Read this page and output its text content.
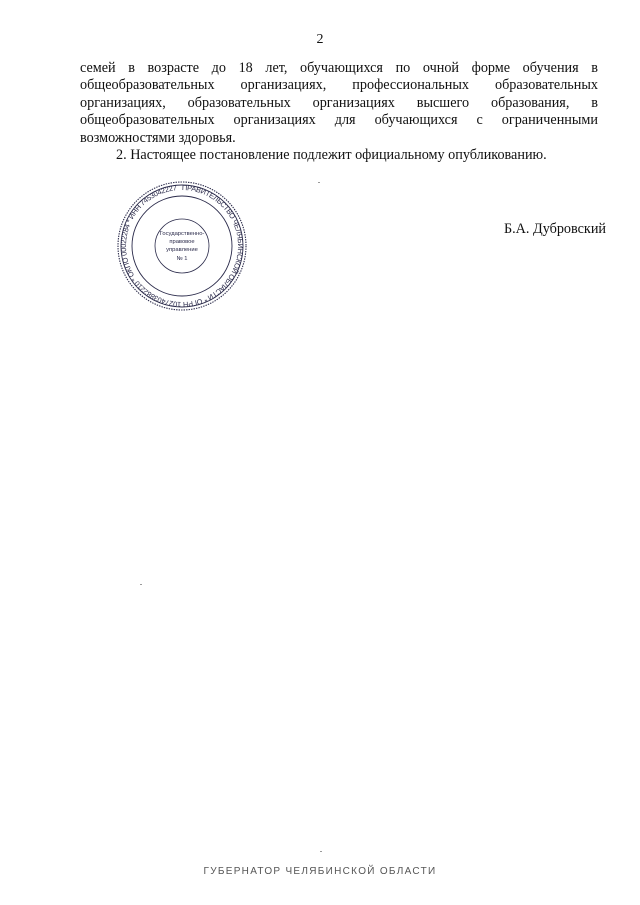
2

семей в возрасте до 18 лет, обучающихся по очной форме обучения в общеобразовательных организациях, профессиональных образовательных организациях, образовательных организациях высшего образования, в общеобразовательных организациях для обучающихся с ограниченными возможностями здоровья.

2. Настоящее постановление подлежит официальному опубликованию.

ПРАВИТЕЛЬСТВО ЧЕЛЯБИНСКОЙ ОБЛАСТИ * ОГРН 1027403882210 * ОКПО 00022284 * ИНН 7453042227
Государственно-
правовое
управление
№ 1
Б.А. Дубровский
ГУБЕРНАТОР ЧЕЛЯБИНСКОЙ ОБЛАСТИ
